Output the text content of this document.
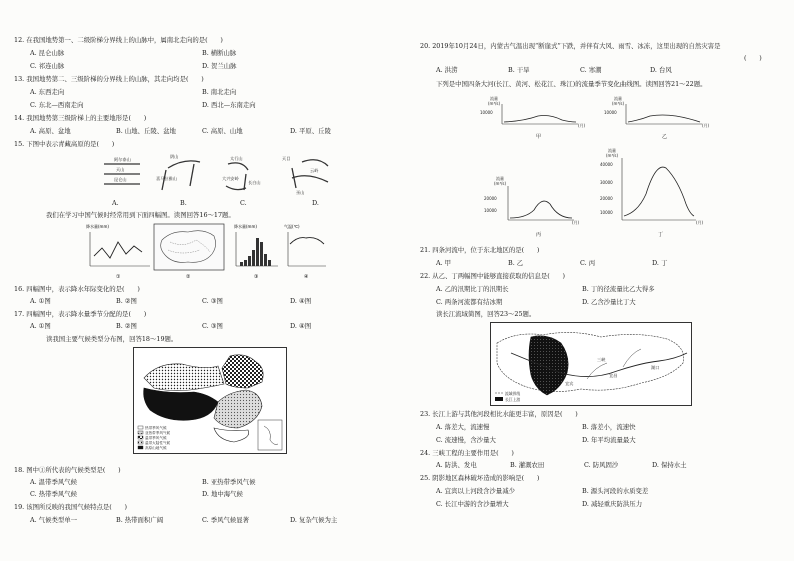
12. 在我国地势第一、二级阶梯分界线上的山脉中，属南北走向的是(　　)
A. 昆仑山脉	B. 横断山脉
C. 祁连山脉	D. 贺兰山脉
13. 我国地势第二、三级阶梯的分界线上的山脉，其走向均是(　　)
A. 东西走向	B. 南北走向
C. 东北—西南走向	D. 西北—东南走向
14. 我国地势第三级阶梯上的主要地形是(　　)
A. 高原、盆地	B. 山地、丘陵、盆地	C. 高原、山地	D. 平原、丘陵
15. 下图中表示青藏高原的是(　　)
阿尔泰山
天山
昆仑山
阴山
喜马拉雅山
太行山
大兴安岭
长白山
天目
云岭
巫山
A.	B.	C.	D.
我们在学习中国气候时经常用到下面四幅图。读图回答16～17题。
降水量(mm)
①	②
降水量(mm)
③
气温(℃)
④
16. 四幅图中，表示降水年际变化的是(　　)
A. ①图	B. ②图	C. ③图	D. ④图
17. 四幅图中，表示降水量季节分配的是(　　)
A. ①图	B. ②图	C. ③图	D. ④图
读我国主要气候类型分布图，回答18～19题。
热带季风气候
亚热带季风气候
温带季风气候
温带大陆性气候
高原山地气候
18. 图中①所代表的气候类型是(　　)
A. 温带季风气候	B. 亚热带季风气候
C. 热带季风气候	D. 地中海气候
19. 该图所反映的我国气候特点是(　　)
A. 气候类型单一	B. 热带面积广阔	C. 季风气候显著	D. 复杂气候为主
20. 2019年10月24日，内蒙古气温出现“断崖式”下跌，并伴有大风、雨雪、冰冻，这里出现的自然灾害是
(　　)
A. 洪涝	B. 干旱	C. 寒潮	D. 台风
下列是中国四条大河(长江、黄河、松花江、珠江)的流量季节变化曲线图。读图回答21～22题。
流量
(m³/s)
10000
(月)
甲
流量
(m³/s)
10000
(月)
乙
流量
(m³/s)
20000
10000
(月)
丙
流量
(m³/s)
40000
30000
20000
10000
(月)
丁
21. 四条河流中，位于东北地区的是(　　)
A. 甲	B. 乙	C. 丙	D. 丁
22. 从乙、丁两幅图中能够直接获取的信息是(　　)
A. 乙的汛期比丁的汛期长	B. 丁的径流量比乙大得多
C. 两条河流都有结冰期	D. 乙含沙量比丁大
读长江流域简图，回答23～25题。
三峡
宜宾
宜昌
湖口
流域界线
长江上游
23. 长江上游与其他河段相比水能更丰富，原因是(　　)
A. 落差大，流速慢	B. 落差小，流速快
C. 流速慢，含沙量大	D. 年平均流量最大
24. 三峡工程的主要作用是(　　)
A. 防洪、发电	B. 灌溉农田	C. 防风固沙	D. 保持水土
25. 阴影地区森林破坏造成的影响是(　　)
A. 宜宾以上河段含沙量减少	B. 源头河段的水质变差
C. 长江中游的含沙量增大	D. 减轻重庆防洪压力
